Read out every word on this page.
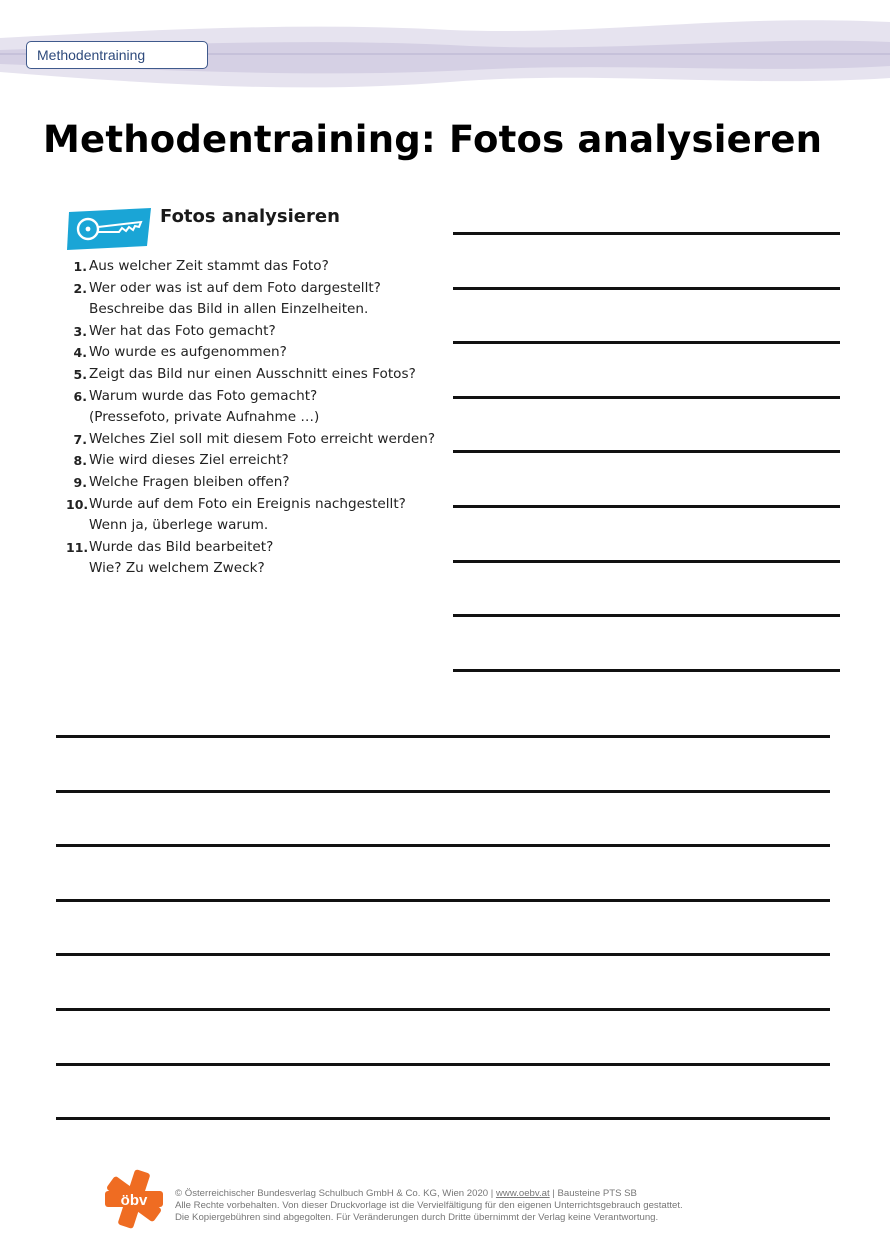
Methodentraining
Methodentraining: Fotos analysieren
Fotos analysieren
1. Aus welcher Zeit stammt das Foto?
2. Wer oder was ist auf dem Foto dargestellt?
Beschreibe das Bild in allen Einzelheiten.
3. Wer hat das Foto gemacht?
4. Wo wurde es aufgenommen?
5. Zeigt das Bild nur einen Ausschnitt eines Fotos?
6. Warum wurde das Foto gemacht?
(Pressefoto, private Aufnahme …)
7. Welches Ziel soll mit diesem Foto erreicht werden?
8. Wie wird dieses Ziel erreicht?
9. Welche Fragen bleiben offen?
10. Wurde auf dem Foto ein Ereignis nachgestellt?
Wenn ja, überlege warum.
11. Wurde das Bild bearbeitet?
Wie? Zu welchem Zweck?
öbv	© Österreichischer Bundesverlag Schulbuch GmbH & Co. KG, Wien 2020 | www.oebv.at | Bausteine PTS SB
Alle Rechte vorbehalten. Von dieser Druckvorlage ist die Vervielfältigung für den eigenen Unterrichtsgebrauch gestattet.
Die Kopiergebühren sind abgegolten. Für Veränderungen durch Dritte übernimmt der Verlag keine Verantwortung.
